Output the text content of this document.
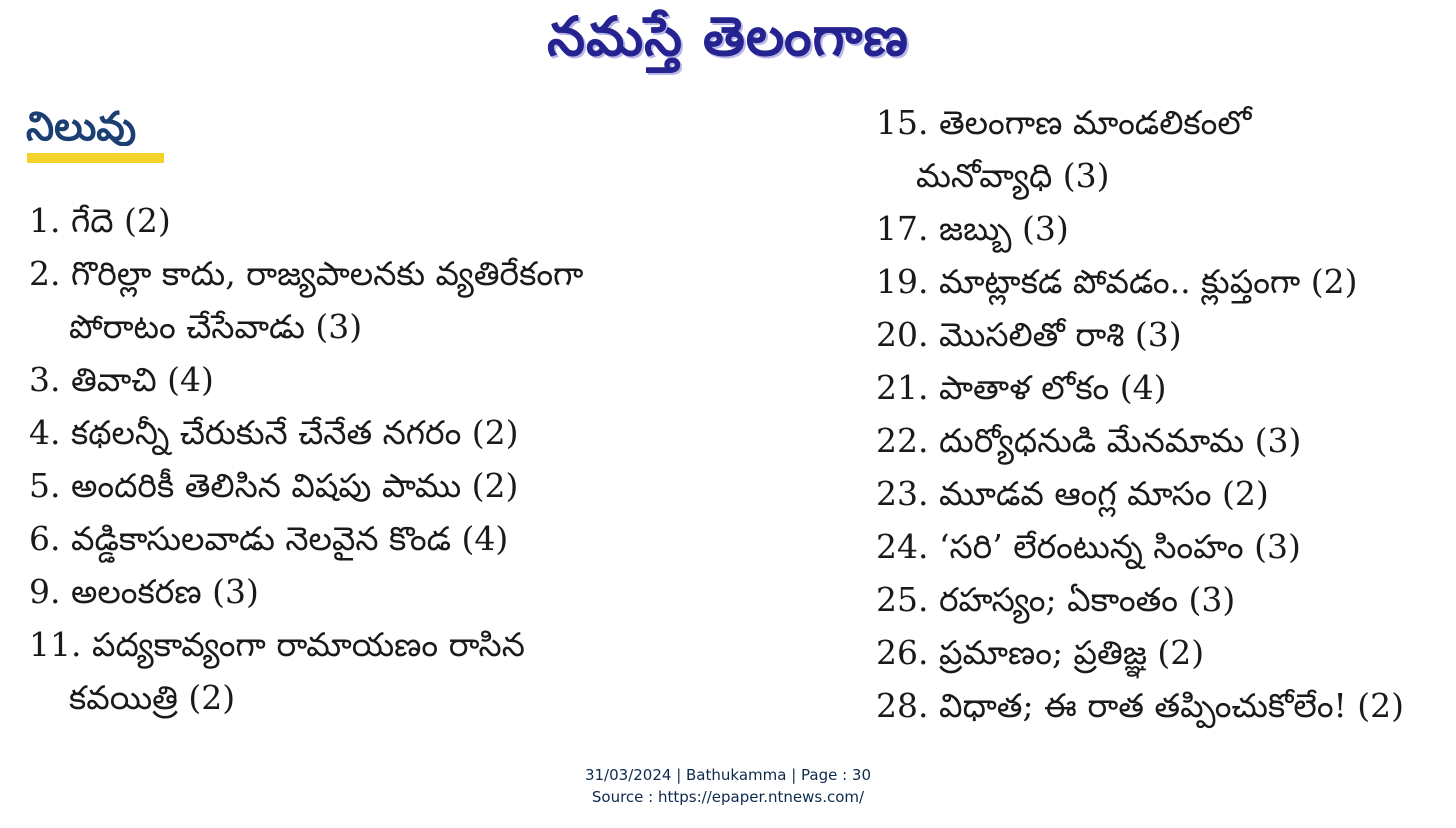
నమస్తే తెలంగాణ
నిలువు
1. గేదె (2)
2. గొరిల్లా కాదు, రాజ్యపాలనకు వ్యతిరేకంగా
పోరాటం చేసేవాడు (3)
3. తివాచి (4)
4. కథలన్నీ చేరుకునే చేనేత నగరం (2)
5. అందరికీ తెలిసిన విషపు పాము (2)
6. వడ్డికాసులవాడు నెలవైన కొండ (4)
9. అలంకరణ (3)
11. పద్యకావ్యంగా రామాయణం రాసిన
కవయిత్రి (2)
15. తెలంగాణ మాండలికంలో
మనోవ్యాధి (3)
17. జబ్బు (3)
19. మాట్లాకడ పోవడం.. క్లుప్తంగా (2)
20. మొసలితో రాశి (3)
21. పాతాళ లోకం (4)
22. దుర్యోధనుడి మేనమామ (3)
23. మూడవ ఆంగ్ల మాసం (2)
24. ‘సరి’ లేరంటున్న సింహం (3)
25. రహస్యం; ఏకాంతం (3)
26. ప్రమాణం; ప్రతిజ్ఞ (2)
28. విధాత; ఈ రాత తప్పించుకోలేం! (2)
31/03/2024 | Bathukamma | Page : 30
Source : https://epaper.ntnews.com/
